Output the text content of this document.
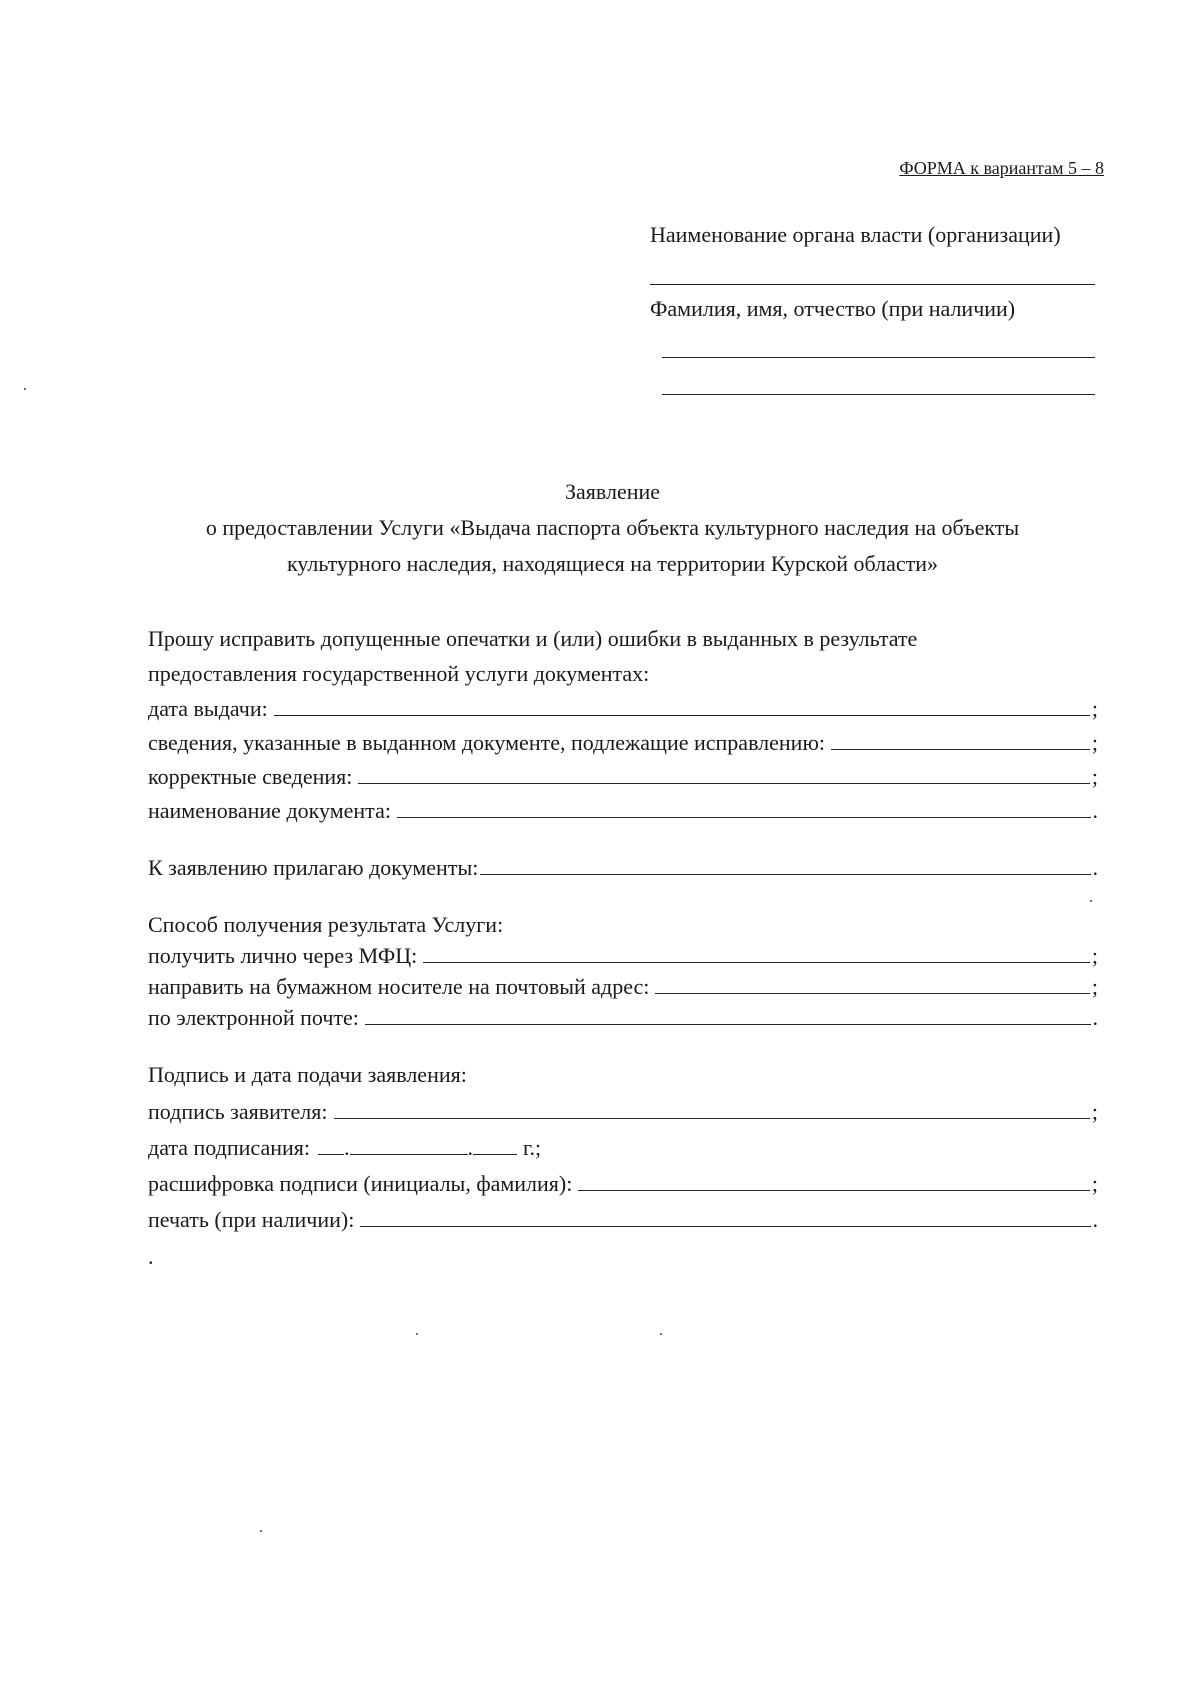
ФОРМА к вариантам 5 – 8
Наименование органа власти (организации)
Фамилия, имя, отчество (при наличии)
Заявление
о предоставлении Услуги «Выдача паспорта объекта культурного наследия на объекты
культурного наследия, находящиеся на территории Курской области»
Прошу исправить допущенные опечатки и (или) ошибки в выданных в результате
предоставления государственной услуги документах:
дата выдачи:	;
сведения, указанные в выданном документе, подлежащие исправлению:	;
корректные сведения:	;
наименование документа:	.
К заявлению прилагаю документы:	.
Способ получения результата Услуги:
получить лично через МФЦ:	;
направить на бумажном носителе на почтовый адрес:	;
по электронной почте:	.
Подпись и дата подачи заявления:
подпись заявителя:	;
дата подписания: .	. г.;
расшифровка подписи (инициалы, фамилия):	;
печать (при наличии):	.
.
